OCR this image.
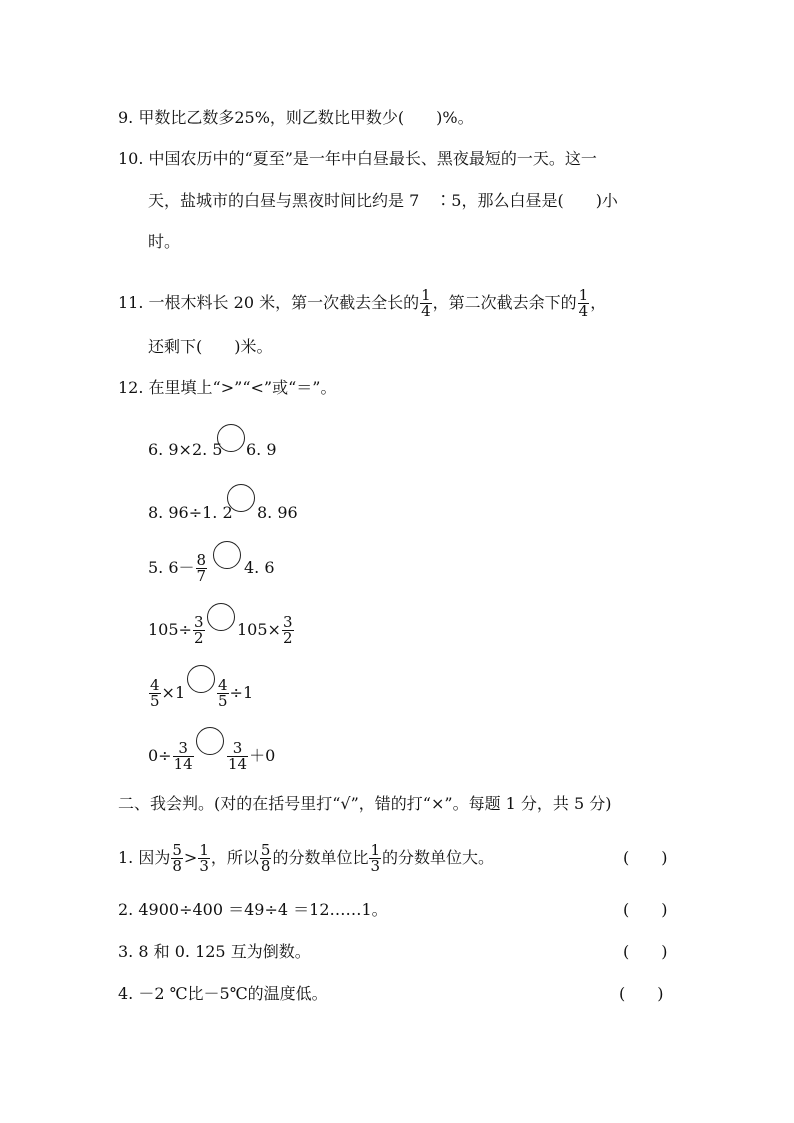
9. 甲数比乙数多25%，则乙数比甲数少(　　)%。
10. 中国农历中的“夏至”是一年中白昼最长、黑夜最短的一天。这一
天，盐城市的白昼与黑夜时间比约是 7　∶5，那么白昼是(　　)小
时。
11. 一根木料长 20 米，第一次截去全长的 $\frac{1}{4}$ ，第二次截去余下的 $\frac{1}{4}$ ，
还剩下(　　)米。
12. 在里填上“>”“<”或“＝”。
6. 9×2. 5 6. 9
8. 96÷1. 2 8. 96
5. $6- \frac{8}{7} 4$. 6
$105\div \frac{3}{2} 105\times \frac{3}{2}$
$\frac{4}{5} \times 1 \frac{4}{5} \div 1$
$0\div \frac{3}{14} \frac{3}{14} +0$
二、我会判。(对的在括号里打“√”，错的打“×”。每题 1 分，共 5 分)
1. 因为 $\frac{5}{8} > \frac{1}{3}$ ，所以 $\frac{5}{8}$ 的分数单位比 $\frac{1}{3}$ 的分数单位大。	(　　)
2. 4900÷400 ＝49÷4 ＝12……1。	(　　)
3. 8 和 0. 125 互为倒数。	(　　)
4. －2 ℃比－5℃的温度低。	(　　)
